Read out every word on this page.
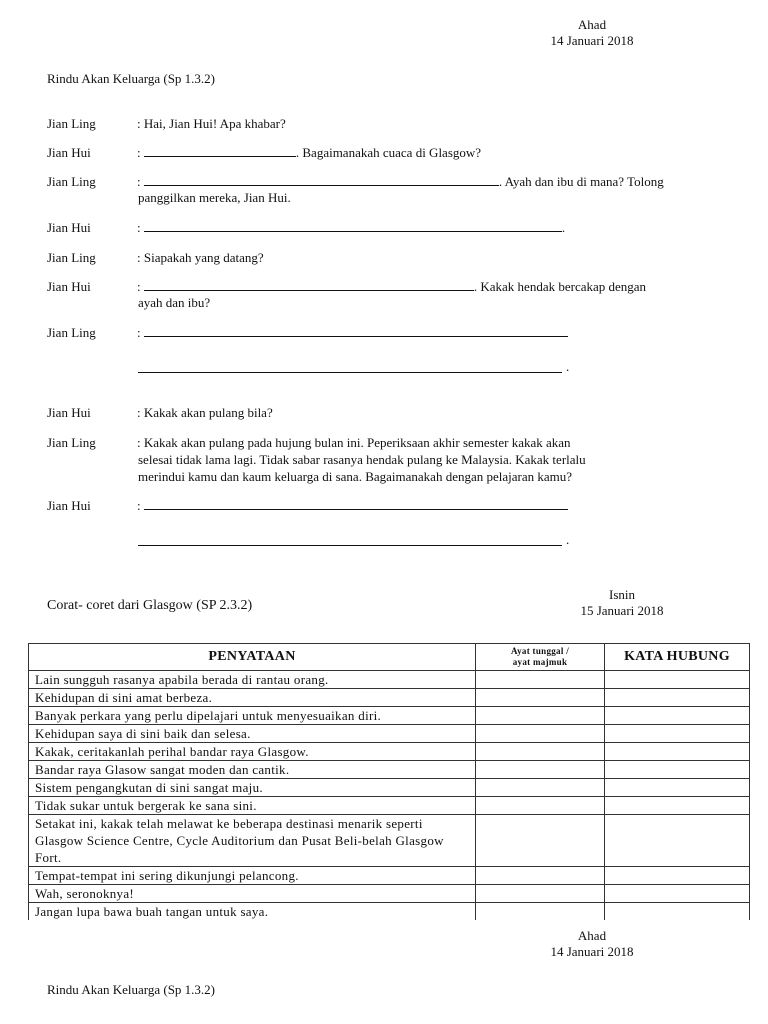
Ahad
14 Januari 2018
Rindu Akan Keluarga (Sp 1.3.2)
Jian Ling	: Hai, Jian Hui! Apa khabar?
Jian Hui	:	. Bagaimanakah cuaca di Glasgow?
Jian Ling	:	. Ayah dan ibu di mana? Tolong
panggilkan mereka, Jian Hui.
Jian Hui	:	.
Jian Ling	: Siapakah yang datang?
Jian Hui	:	. Kakak hendak bercakap dengan
ayah dan ibu?
Jian Ling	:
.
Jian Hui	: Kakak akan pulang bila?
Jian Ling	: Kakak akan pulang pada hujung bulan ini. Peperiksaan akhir semester kakak akan
selesai tidak lama lagi. Tidak sabar rasanya hendak pulang ke Malaysia. Kakak terlalu
merindui kamu dan kaum keluarga di sana. Bagaimanakah dengan pelajaran kamu?
Jian Hui	:
.
Corat- coret dari Glasgow (SP 2.3.2)
Isnin
15 Januari 2018
PENYATAAN	Ayat tunggal /
ayat majmuk	KATA HUBUNG
Lain sungguh rasanya apabila berada di rantau orang.		
Kehidupan di sini amat berbeza.		
Banyak perkara yang perlu dipelajari untuk menyesuaikan diri.		
Kehidupan saya di sini baik dan selesa.		
Kakak, ceritakanlah perihal bandar raya Glasgow.		
Bandar raya Glasow sangat moden dan cantik.		
Sistem pengangkutan di sini sangat maju.		
Tidak sukar untuk bergerak ke sana sini.		
Setakat ini, kakak telah melawat ke beberapa destinasi menarik seperti Glasgow Science Centre, Cycle Auditorium dan Pusat Beli-belah Glasgow Fort.		
Tempat-tempat ini sering dikunjungi pelancong.		
Wah, seronoknya!		
Jangan lupa bawa buah tangan untuk saya.		
Ahad
14 Januari 2018
Rindu Akan Keluarga (Sp 1.3.2)
